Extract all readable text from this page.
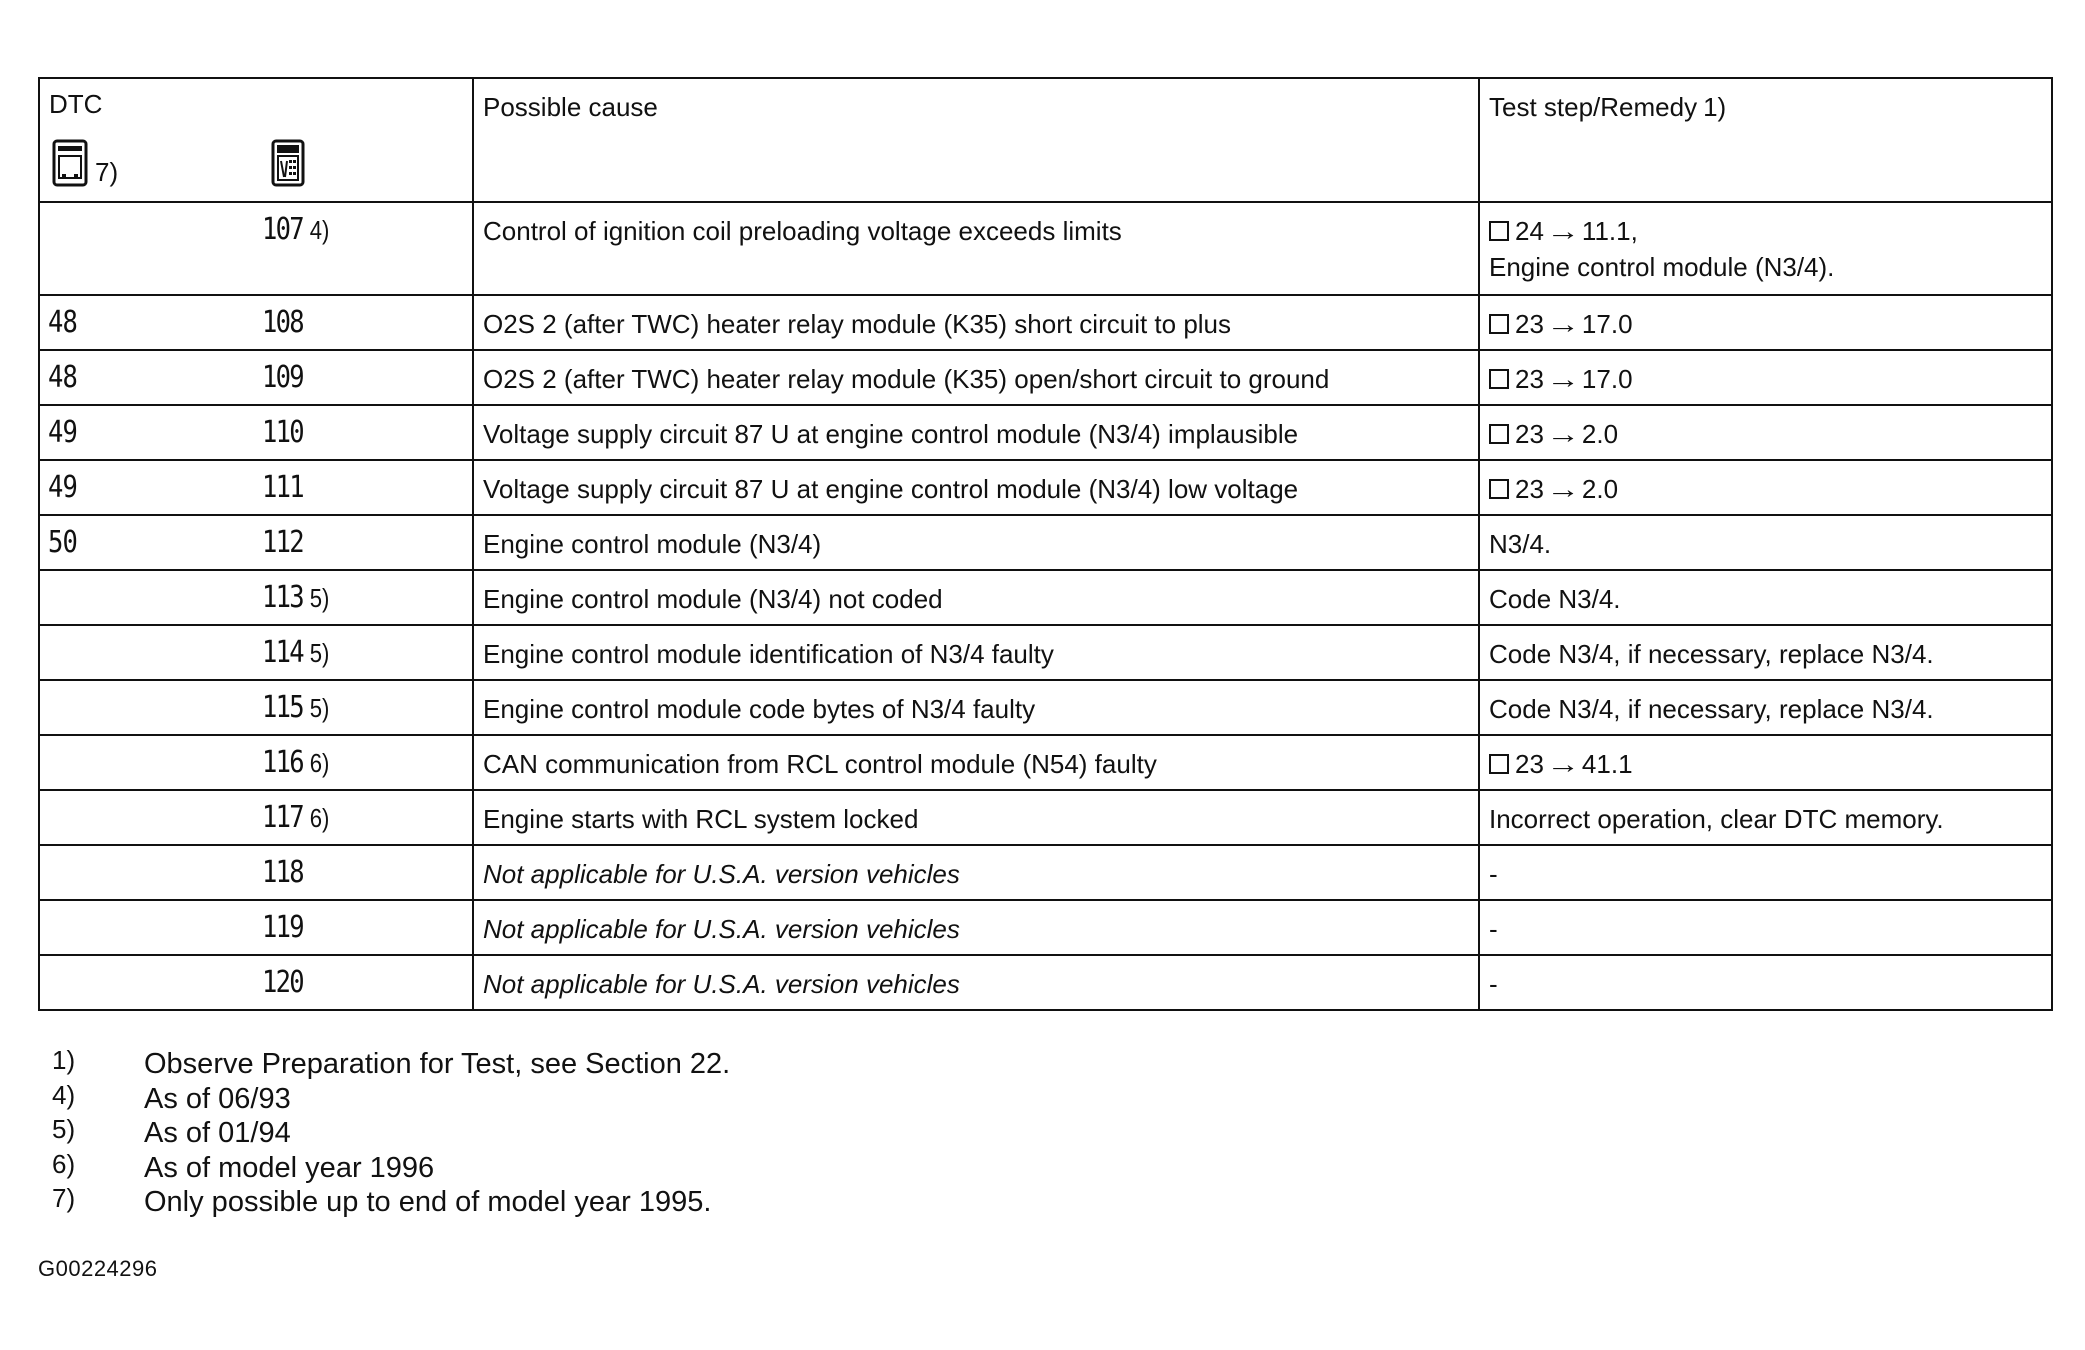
DTC
7)	Possible cause	Test step/Remedy 1)

107 4)	Control of ignition coil preloading voltage exceeds limits	24→11.1,
Engine control module (N3/4).

48 108	O2S 2 (after TWC) heater relay module (K35) short circuit to plus	23→17.0

48 109	O2S 2 (after TWC) heater relay module (K35) open/short circuit to ground	23→17.0

49 110	Voltage supply circuit 87 U at engine control module (N3/4) implausible	23→2.0

49 111	Voltage supply circuit 87 U at engine control module (N3/4) low voltage	23→2.0

50 112	Engine control module (N3/4)	N3/4.

113 5)	Engine control module (N3/4) not coded	Code N3/4.

114 5)	Engine control module identification of N3/4 faulty	Code N3/4, if necessary, replace N3/4.

115 5)	Engine control module code bytes of N3/4 faulty	Code N3/4, if necessary, replace N3/4.

116 6)	CAN communication from RCL control module (N54) faulty	23→41.1

117 6)	Engine starts with RCL system locked	Incorrect operation, clear DTC memory.

118	Not applicable for U.S.A. version vehicles	-

119	Not applicable for U.S.A. version vehicles	-

120	Not applicable for U.S.A. version vehicles	-
1) Observe Preparation for Test, see Section 22.
4) As of 06/93
5) As of 01/94
6) As of model year 1996
7) Only possible up to end of model year 1995.
G00224296
